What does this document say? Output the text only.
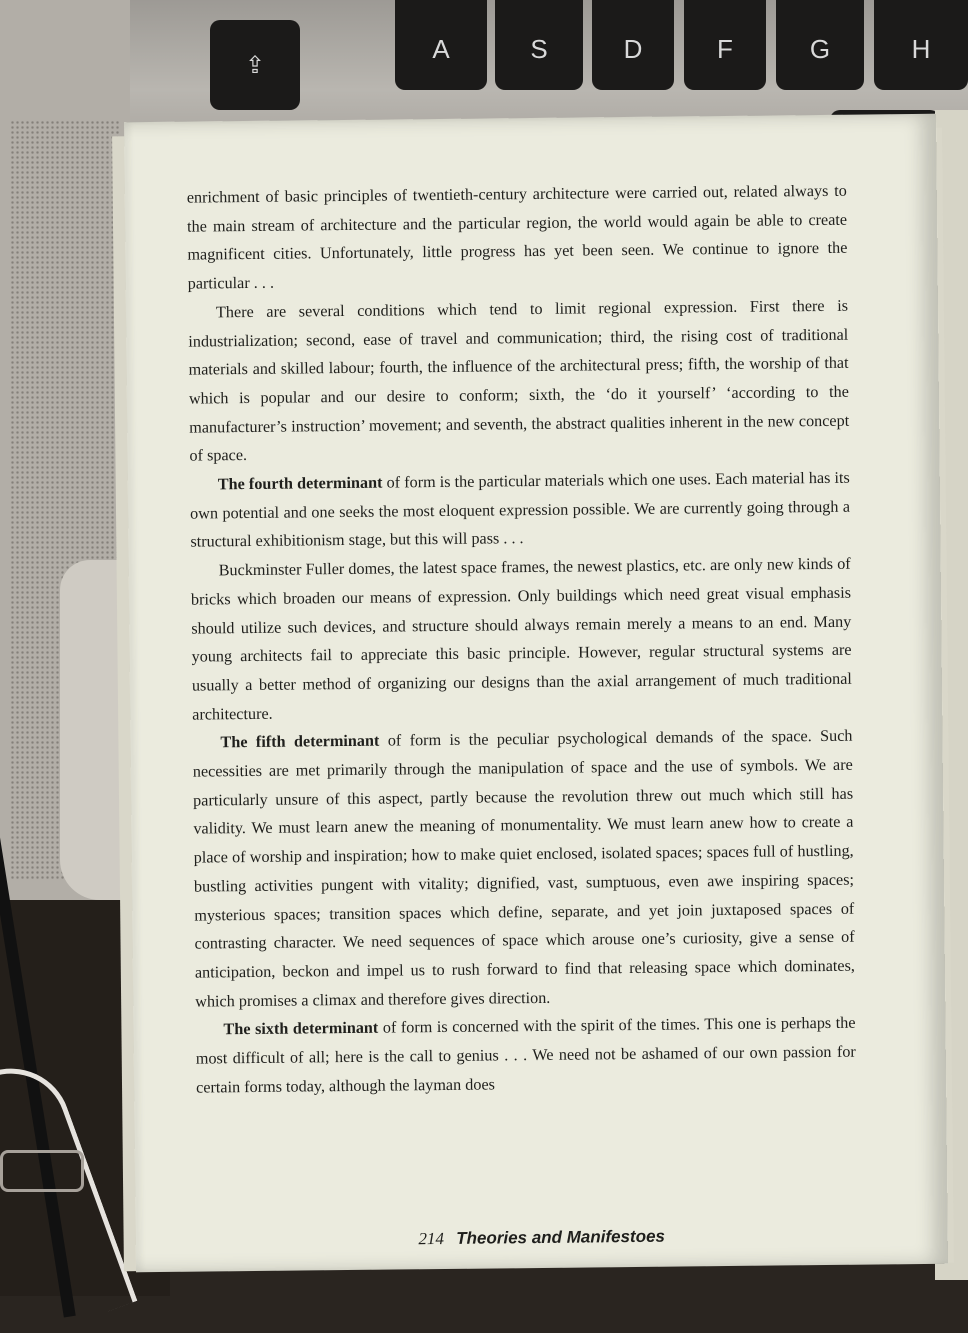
⇪
A	S	D	F	G	H

enrichment of basic principles of twentieth-century architecture were carried out, related always to the main stream of architecture and the particular region, the world would again be able to create magnificent cities. Unfortunately, little progress has yet been seen. We continue to ignore the particular . . .

There are several conditions which tend to limit regional expression. First there is industrialization; second, ease of travel and communication; third, the rising cost of traditional materials and skilled labour; fourth, the influence of the architectural press; fifth, the worship of that which is popular and our desire to conform; sixth, the ‘do it yourself’ ‘according to the manufacturer’s instruction’ movement; and seventh, the abstract qualities inherent in the new concept of space.

The fourth determinant of form is the particular materials which one uses. Each material has its own potential and one seeks the most eloquent expression possible. We are currently going through a structural exhibitionism stage, but this will pass . . .

Buckminster Fuller domes, the latest space frames, the newest plastics, etc. are only new kinds of bricks which broaden our means of expression. Only buildings which need great visual emphasis should utilize such devices, and structure should always remain merely a means to an end. Many young architects fail to appreciate this basic principle. However, regular structural systems are usually a better method of organizing our designs than the axial arrangement of much traditional architecture.

The fifth determinant of form is the peculiar psychological demands of the space. Such necessities are met primarily through the manipulation of space and the use of symbols. We are particularly unsure of this aspect, partly because the revolution threw out much which still has validity. We must learn anew the meaning of monumentality. We must learn anew how to create a place of worship and inspiration; how to make quiet enclosed, isolated spaces; spaces full of hustling, bustling activities pungent with vitality; dignified, vast, sumptuous, even awe inspiring spaces; mysterious spaces; transition spaces which define, separate, and yet join juxtaposed spaces of contrasting character. We need sequences of space which arouse one’s curiosity, give a sense of anticipation, beckon and impel us to rush forward to find that releasing space which dominates, which promises a climax and therefore gives direction.

The sixth determinant of form is concerned with the spirit of the times. This one is perhaps the most difficult of all; here is the call to genius . . . We need not be ashamed of our own passion for certain forms today, although the layman does

214 Theories and Manifestoes
